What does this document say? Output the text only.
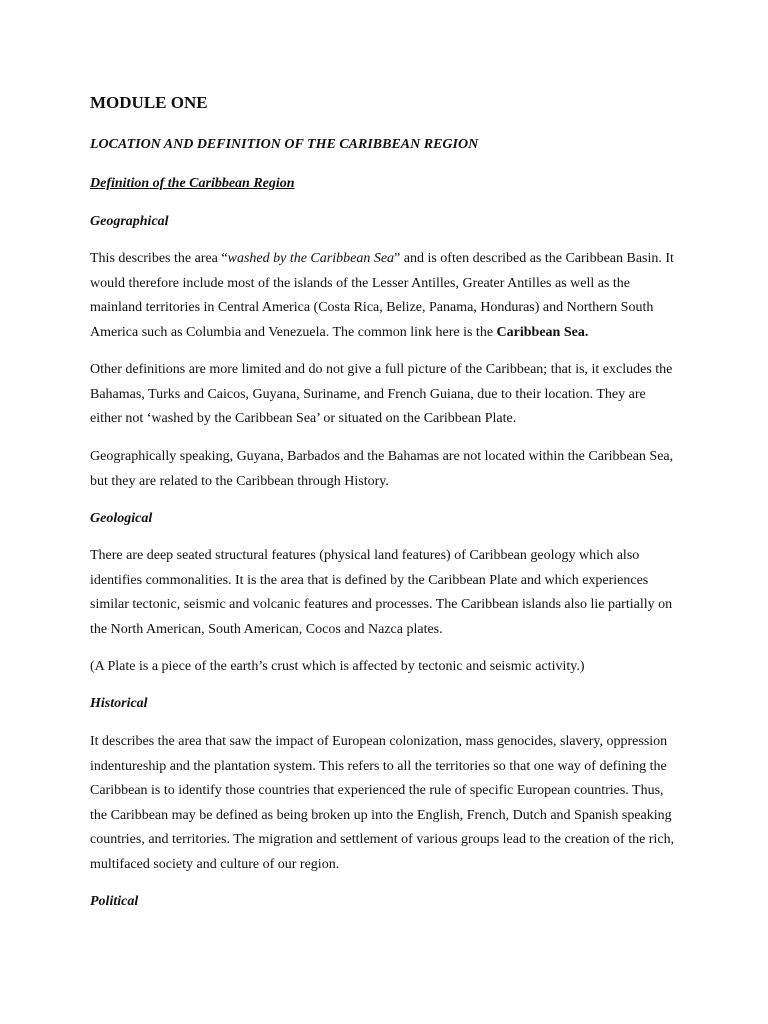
MODULE ONE
LOCATION AND DEFINITION OF THE CARIBBEAN REGION
Definition of the Caribbean Region
Geographical

This describes the area “washed by the Caribbean Sea” and is often described as the Caribbean Basin. It would therefore include most of the islands of the Lesser Antilles, Greater Antilles as well as the mainland territories in Central America (Costa Rica, Belize, Panama, Honduras) and Northern South America such as Columbia and Venezuela. The common link here is the Caribbean Sea.

Other definitions are more limited and do not give a full picture of the Caribbean; that is, it excludes the Bahamas, Turks and Caicos, Guyana, Suriname, and French Guiana, due to their location. They are either not ‘washed by the Caribbean Sea’ or situated on the Caribbean Plate.

Geographically speaking, Guyana, Barbados and the Bahamas are not located within the Caribbean Sea, but they are related to the Caribbean through History.

Geological

There are deep seated structural features (physical land features) of Caribbean geology which also identifies commonalities. It is the area that is defined by the Caribbean Plate and which experiences similar tectonic, seismic and volcanic features and processes. The Caribbean islands also lie partially on the North American, South American, Cocos and Nazca plates.

(A Plate is a piece of the earth’s crust which is affected by tectonic and seismic activity.)

Historical

It describes the area that saw the impact of European colonization, mass genocides, slavery, oppression indentureship and the plantation system. This refers to all the territories so that one way of defining the Caribbean is to identify those countries that experienced the rule of specific European countries. Thus, the Caribbean may be defined as being broken up into the English, French, Dutch and Spanish speaking countries, and territories. The migration and settlement of various groups lead to the creation of the rich, multifaced society and culture of our region.

Political
